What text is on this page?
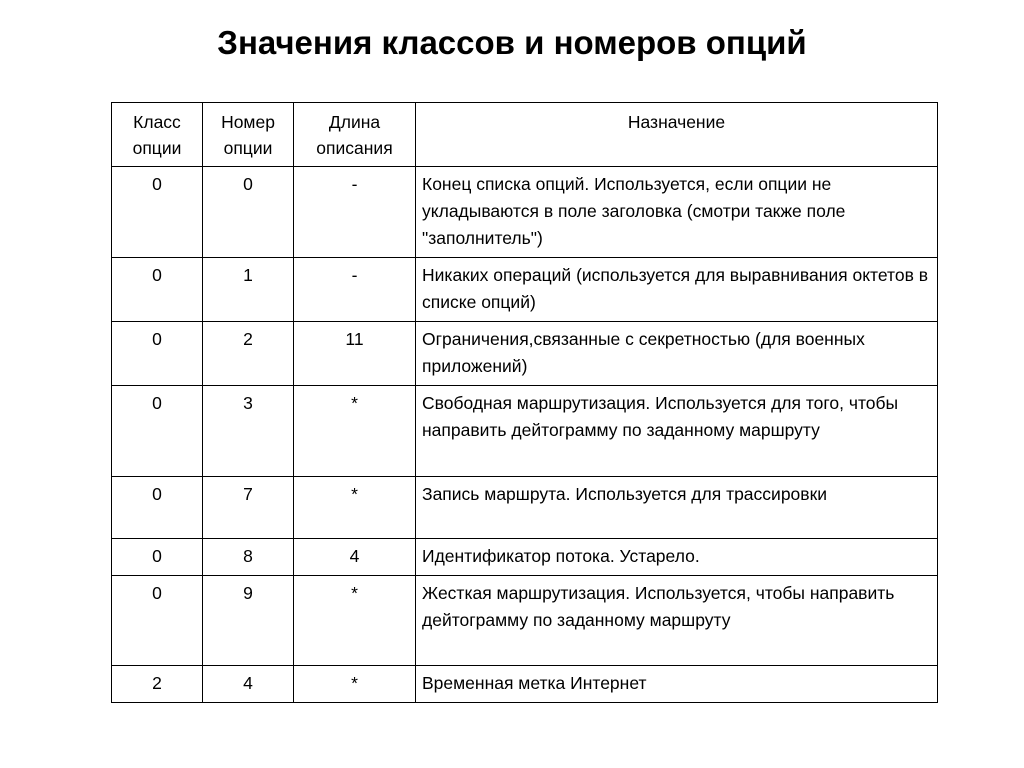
Значения классов и номеров опций
Класс опции	Номер опции	Длина описания	Назначение
0	0	-	Конец списка опций. Используется, если опции не укладываются в поле заголовка (смотри также поле "заполнитель")
0	1	-	Никаких операций (используется для выравнивания октетов в списке опций)
0	2	11	Ограничения,связанные с секретностью (для военных приложений)
0	3	*	Свободная маршрутизация. Используется для того, чтобы направить дейтограмму по заданному маршруту
0	7	*	Запись маршрута. Используется для трассировки
0	8	4	Идентификатор потока. Устарело.
0	9	*	Жесткая маршрутизация. Используется, чтобы направить дейтограмму по заданному маршруту
2	4	*	Временная метка Интернет
